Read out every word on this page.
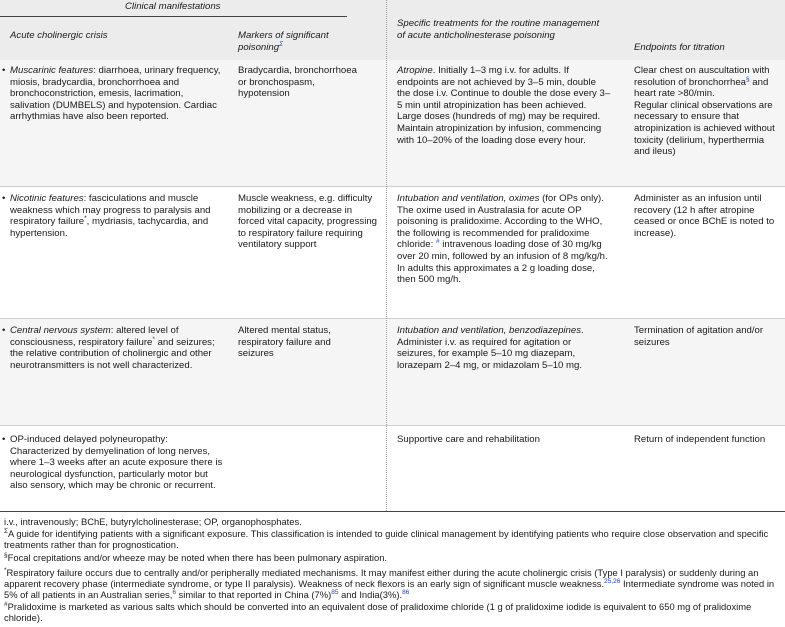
Clinical manifestations
Acute cholinergic crisis	Markers of significant
poisoning$^\Sigma$
Specific treatments for the routine management of acute anticholinesterase poisoning
Endpoints for titration
• Muscarinic features: diarrhoea, urinary frequency, miosis, bradycardia, bronchorrhoea and bronchoconstriction, emesis, lacrimation, salivation (DUMBELS) and hypotension. Cardiac arrhythmias have also been reported.
Bradycardia, bronchorrhoea or bronchospasm, hypotension
Atropine. Initially 1–3 mg i.v. for adults. If endpoints are not achieved by 3–5 min, double the dose i.v. Continue to double the dose every 3–5 min until atropinization has been achieved. Large doses (hundreds of mg) may be required.
Maintain atropinization by infusion, commencing with 10–20% of the loading dose every hour.
Clear chest on auscultation with resolution of bronchorrhea§ and heart rate >80/min.
Regular clinical observations are necessary to ensure that atropinization is achieved without toxicity (delirium, hyperthermia and ileus)
• Nicotinic features: fasciculations and muscle weakness which may progress to paralysis and respiratory failure*, mydriasis, tachycardia, and hypertension.
Muscle weakness, e.g. difficulty mobilizing or a decrease in forced vital capacity, progressing to respiratory failure requiring ventilatory support
Intubation and ventilation, oximes (for OPs only).
The oxime used in Australasia for acute OP poisoning is pralidoxime. According to the WHO, the following is recommended for pralidoxime chloride: # intravenous loading dose of 30 mg/kg over 20 min, followed by an infusion of 8 mg/kg/h. In adults this approximates a 2 g loading dose, then 500 mg/h.
Administer as an infusion until recovery (12 h after atropine ceased or once BChE is noted to increase).
• Central nervous system: altered level of consciousness, respiratory failure* and seizures; the relative contribution of cholinergic and other neurotransmitters is not well characterized.
Altered mental status, respiratory failure and seizures
Intubation and ventilation, benzodiazepines. Administer i.v. as required for agitation or seizures, for example 5–10 mg diazepam, lorazepam 2–4 mg, or midazolam 5–10 mg.
Termination of agitation and/or seizures
• OP-induced delayed polyneuropathy: Characterized by demyelination of long nerves, where 1–3 weeks after an acute exposure there is neurological dysfunction, particularly motor but also sensory, which may be chronic or recurrent.
Supportive care and rehabilitation	Return of independent function
i.v., intravenously; BChE, butyrylcholinesterase; OP, organophosphates.
$^\Sigma$A guide for identifying patients with a significant exposure. This classification is intended to guide clinical management by identifying patients who require close observation and specific treatments rather than for prognostication.
§Focal crepitations and/or wheeze may be noted when there has been pulmonary aspiration.
*Respiratory failure occurs due to centrally and/or peripherally mediated mechanisms. It may manifest either during the acute cholinergic crisis (Type I paralysis) or suddenly during an apparent recovery phase (intermediate syndrome, or type II paralysis). Weakness of neck flexors is an early sign of significant muscle weakness.$^{25,26}$ Intermediate syndrome was noted in 5% of all patients in an Australian series,$^6$ similar to that reported in China $(7\%)^{85}$ and India(3%).$^{86}$
#Pralidoxime is marketed as various salts which should be converted into an equivalent dose of pralidoxime chloride (1 g of pralidoxime iodide is equivalent to 650 mg of pralidoxime chloride).
